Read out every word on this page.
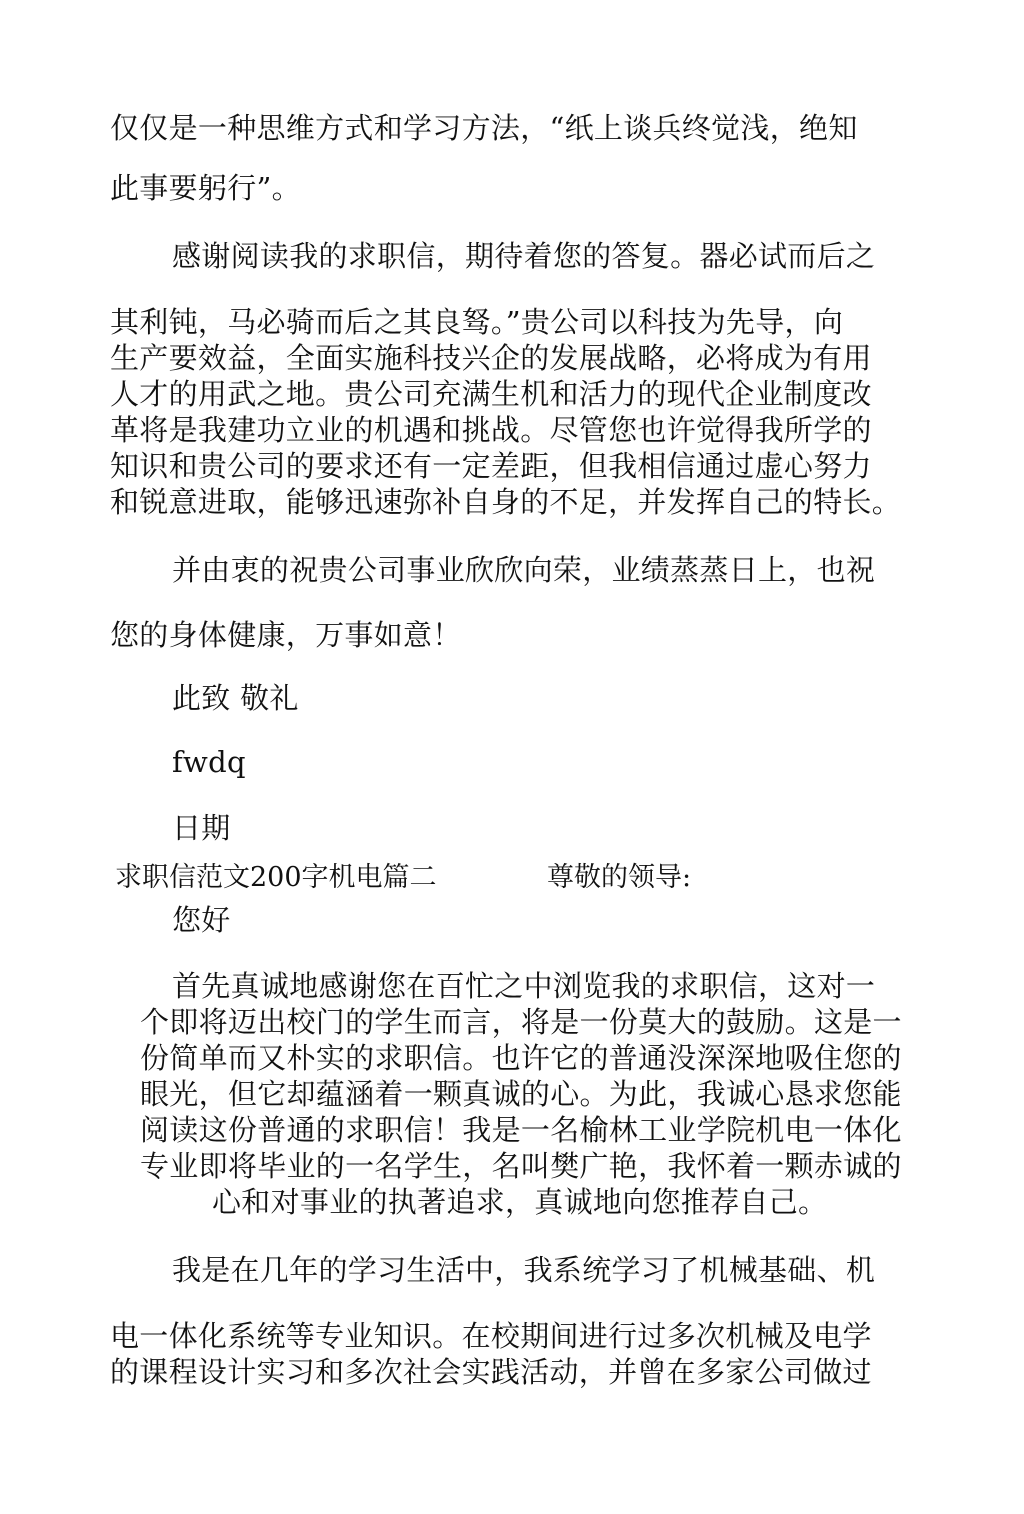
仅仅是一种思维方式和学习方法，“纸上谈兵终觉浅，绝知
此事要躬行”。
感谢阅读我的求职信，期待着您的答复。器必试而后之
其利钝，马必骑而后之其良驽。”贵公司以科技为先导，向
生产要效益，全面实施科技兴企的发展战略，必将成为有用
人才的用武之地。贵公司充满生机和活力的现代企业制度改
革将是我建功立业的机遇和挑战。尽管您也许觉得我所学的
知识和贵公司的要求还有一定差距，但我相信通过虚心努力
和锐意进取，能够迅速弥补自身的不足，并发挥自己的特长。
并由衷的祝贵公司事业欣欣向荣，业绩蒸蒸日上，也祝
您的身体健康，万事如意！
此致 敬礼
fwdq
日期
求职信范文200字机电篇二	尊敬的领导:
您好
首先真诚地感谢您在百忙之中浏览我的求职信，这对一
个即将迈出校门的学生而言，将是一份莫大的鼓励。这是一
份简单而又朴实的求职信。也许它的普通没深深地吸住您的
眼光，但它却蕴涵着一颗真诚的心。为此，我诚心恳求您能
阅读这份普通的求职信！我是一名榆林工业学院机电一体化
专业即将毕业的一名学生，名叫樊广艳，我怀着一颗赤诚的
心和对事业的执著追求，真诚地向您推荐自己。
我是在几年的学习生活中，我系统学习了机械基础、机
电一体化系统等专业知识。在校期间进行过多次机械及电学
的课程设计实习和多次社会实践活动，并曾在多家公司做过
